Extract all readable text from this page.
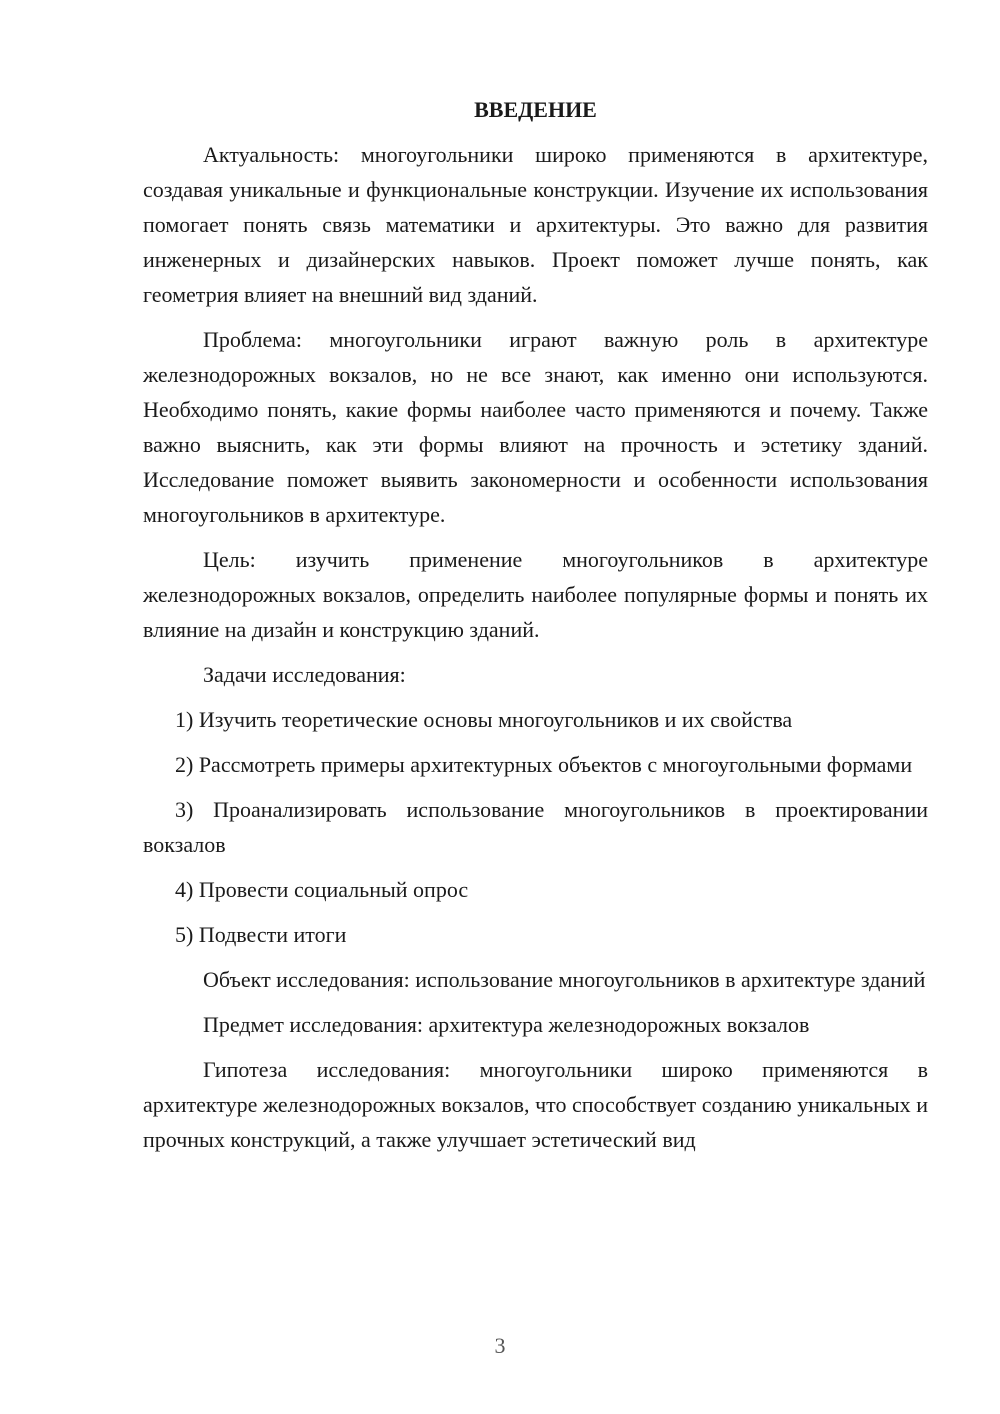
ВВЕДЕНИЕ

Актуальность: многоугольники широко применяются в архитектуре, создавая уникальные и функциональные конструкции. Изучение их использования помогает понять связь математики и архитектуры. Это важно для развития инженерных и дизайнерских навыков. Проект поможет лучше понять, как геометрия влияет на внешний вид зданий.

Проблема: многоугольники играют важную роль в архитектуре железнодорожных вокзалов, но не все знают, как именно они используются. Необходимо понять, какие формы наиболее часто применяются и почему. Также важно выяснить, как эти формы влияют на прочность и эстетику зданий. Исследование поможет выявить закономерности и особенности использования многоугольников в архитектуре.

Цель: изучить применение многоугольников в архитектуре железнодорожных вокзалов, определить наиболее популярные формы и понять их влияние на дизайн и конструкцию зданий.

Задачи исследования:

1) Изучить теоретические основы многоугольников и их свойства

2) Рассмотреть примеры архитектурных объектов с многоугольными формами

3) Проанализировать использование многоугольников в проектировании вокзалов

4) Провести социальный опрос

5) Подвести итоги

Объект исследования: использование многоугольников в архитектуре зданий

Предмет исследования: архитектура железнодорожных вокзалов

Гипотеза исследования: многоугольники широко применяются в архитектуре железнодорожных вокзалов, что способствует созданию уникальных и прочных конструкций, а также улучшает эстетический вид

3
